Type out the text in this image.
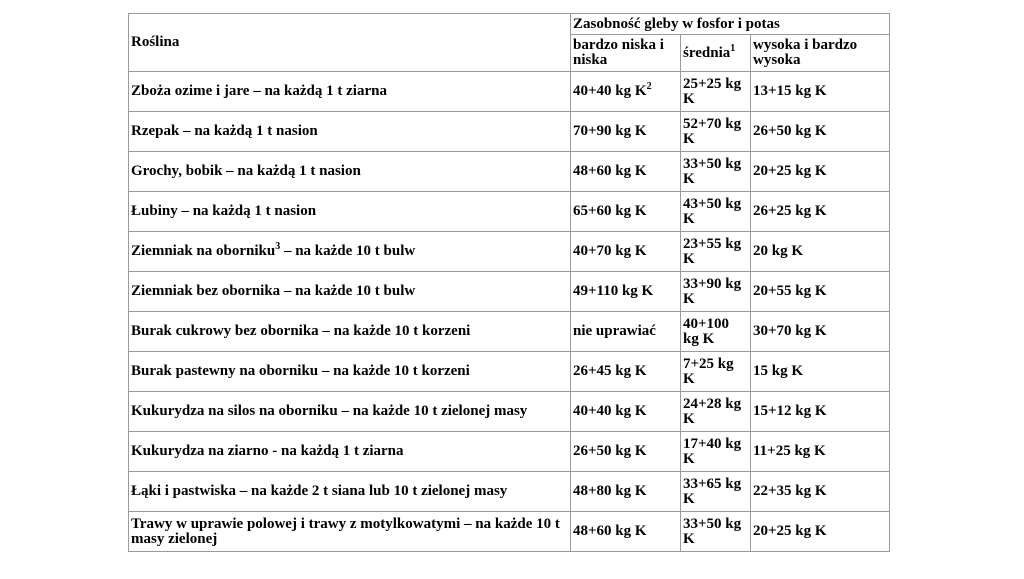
Roślina	Zasobność gleby w fosfor i potas		
	bardzo niska i niska	średnia$^1$	wysoka i bardzo wysoka
Zboża ozime i jare – na każdą 1 t ziarna	40+40 kg $K^2$	25+25 kg K	13+15 kg K
Rzepak – na każdą 1 t nasion	70+90 kg K	52+70 kg K	26+50 kg K
Grochy, bobik – na każdą 1 t nasion	48+60 kg K	33+50 kg K	20+25 kg K
Łubiny – na każdą 1 t nasion	65+60 kg K	43+50 kg K	26+25 kg K
Ziemniak na oborniku$^3$ – na każde 10 t bulw	40+70 kg K	23+55 kg K	20 kg K
Ziemniak bez obornika – na każde 10 t bulw	49+110 kg K	33+90 kg K	20+55 kg K
Burak cukrowy bez obornika – na każde 10 t korzeni	nie uprawiać	40+100 kg K	30+70 kg K
Burak pastewny na oborniku – na każde 10 t korzeni	26+45 kg K	7+25 kg K	15 kg K
Kukurydza na silos na oborniku – na każde 10 t zielonej masy	40+40 kg K	24+28 kg K	15+12 kg K
Kukurydza na ziarno - na każdą 1 t ziarna	26+50 kg K	17+40 kg K	11+25 kg K
Łąki i pastwiska – na każde 2 t siana lub 10 t zielonej masy	48+80 kg K	33+65 kg K	22+35 kg K
Trawy w uprawie polowej i trawy z motylkowatymi – na każde 10 t masy zielonej	48+60 kg K	33+50 kg K	20+25 kg K
